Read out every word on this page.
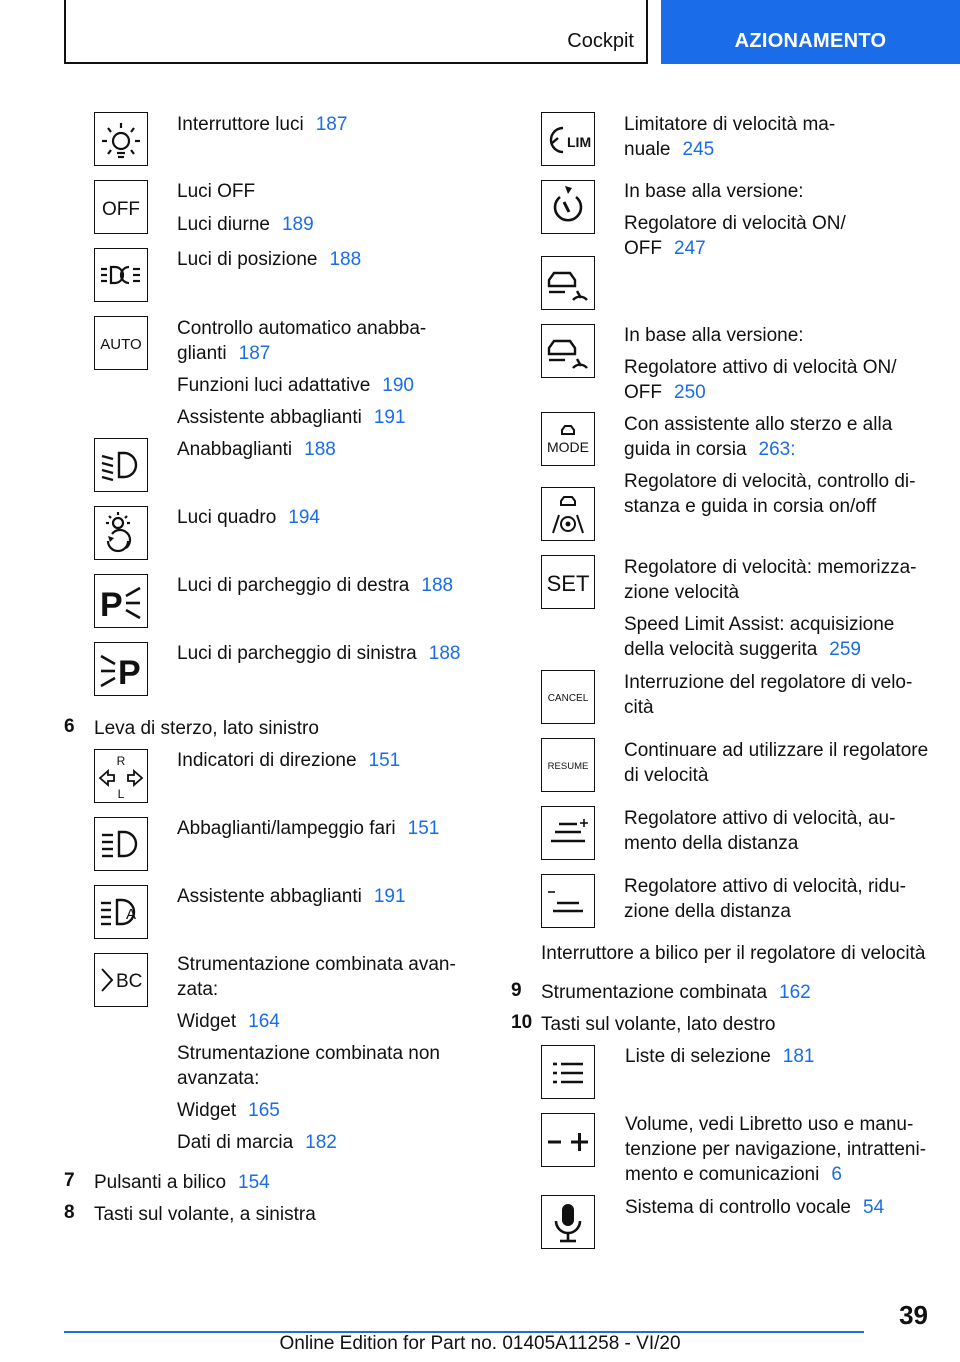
Cockpit	AZIONAMENTO
Interruttore luci 187
OFF
Luci OFF
Luci diurne 189
Luci di posizione 188
AUTO
Controllo automatico anabba-
glianti 187
Funzioni luci adattative 190
Assistente abbaglianti 191
Anabbaglianti 188
Luci quadro 194
P
Luci di parcheggio di destra 188
P
Luci di parcheggio di sinistra 188
6 Leva di sterzo, lato sinistro
R
L
Indicatori di direzione 151
Abbaglianti/lampeggio fari 151
A
Assistente abbaglianti 191
BC
Strumentazione combinata avan-
zata:
Widget 164
Strumentazione combinata non
avanzata:
Widget 165
Dati di marcia 182
7 Pulsanti a bilico 154
8 Tasti sul volante, a sinistra
LIM
Limitatore di velocità ma-
nuale 245
In base alla versione:
Regolatore di velocità ON/
OFF 247
In base alla versione:
Regolatore attivo di velocità ON/
OFF 250
MODE
Con assistente allo sterzo e alla
guida in corsia 263:
Regolatore di velocità, controllo di-
stanza e guida in corsia on/off
SET
Regolatore di velocità: memorizza-
zione velocità
Speed Limit Assist: acquisizione
della velocità suggerita 259
CANCEL
Interruzione del regolatore di velo-
cità
RESUME
Continuare ad utilizzare il regolatore
di velocità
Regolatore attivo di velocità, au-
mento della distanza
Regolatore attivo di velocità, ridu-
zione della distanza
Interruttore a bilico per il regolatore di velocità
9 Strumentazione combinata 162
10 Tasti sul volante, lato destro
Liste di selezione 181
Volume, vedi Libretto uso e manu-
tenzione per navigazione, intratteni-
mento e comunicazioni 6
Sistema di controllo vocale 54
39
Online Edition for Part no. 01405A11258 - VI/20
